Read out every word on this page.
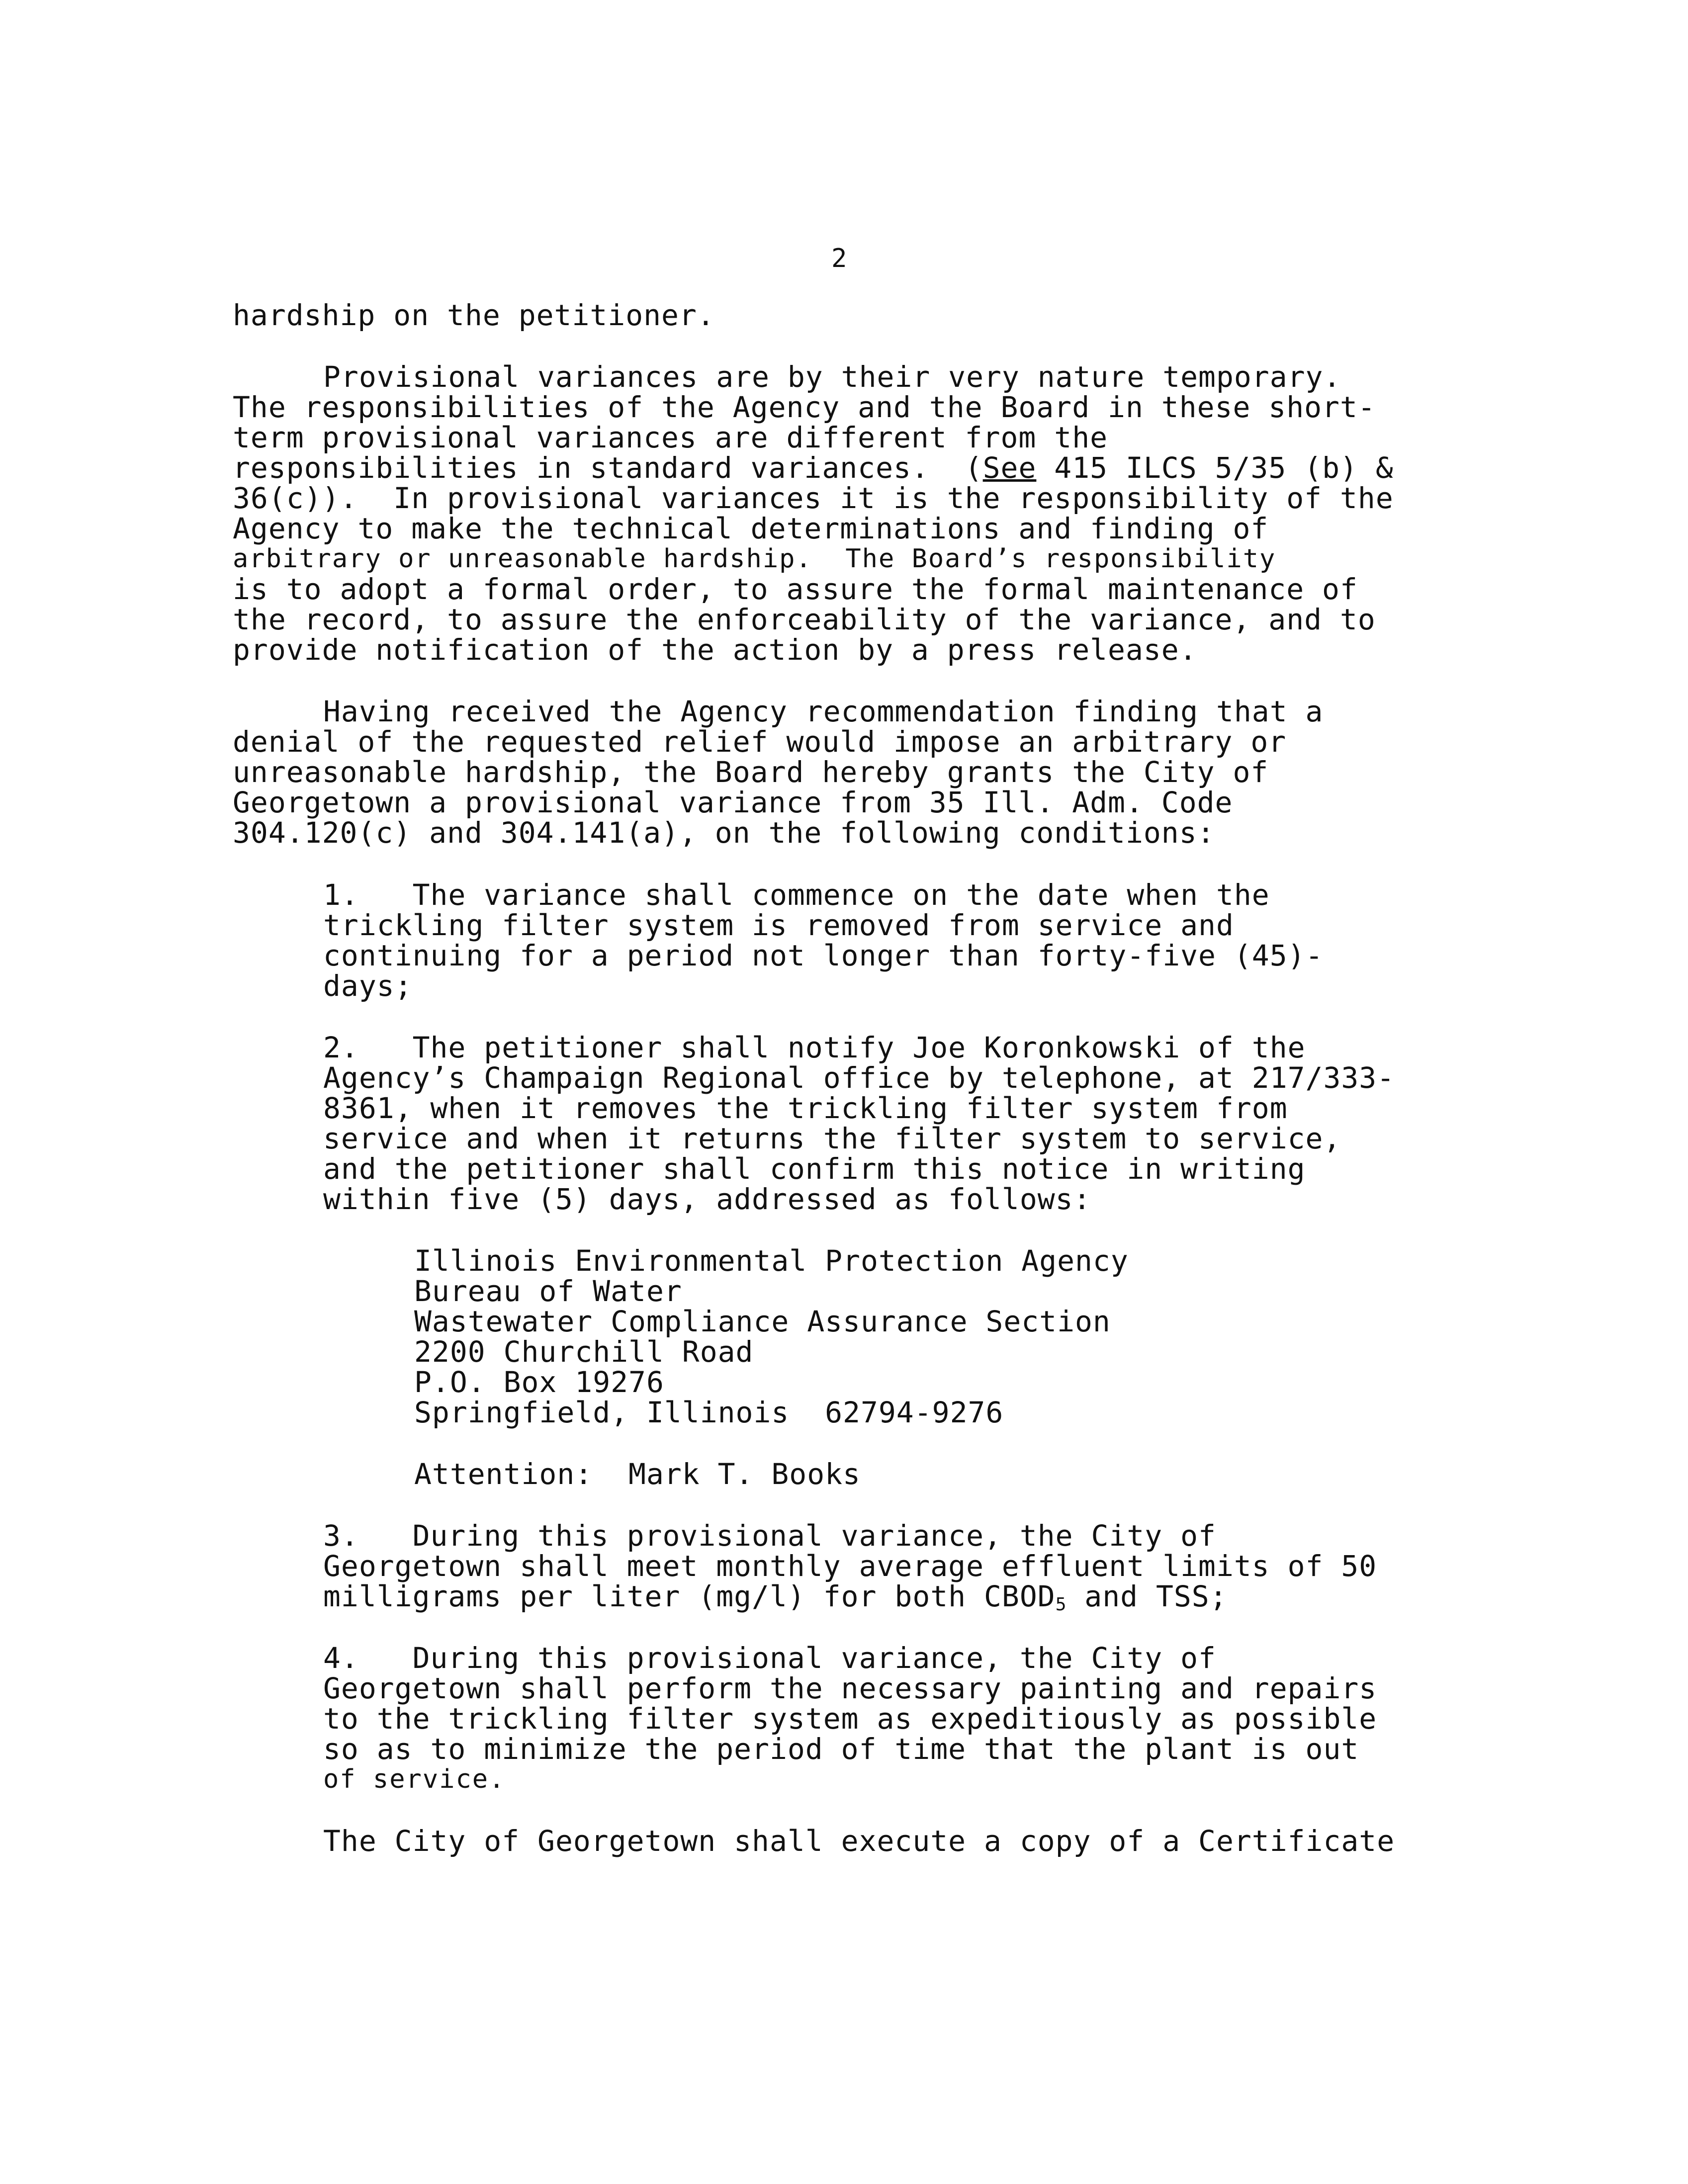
2
hardship on the petitioner.
Provisional variances are by their very nature temporary.
The responsibilities of the Agency and the Board in these short-
term provisional variances are different from the
responsibilities in standard variances.  (See 415 ILCS 5/35 (b) &
36(c)).  In provisional variances it is the responsibility of the
Agency to make the technical determinations and finding of
arbitrary or unreasonable hardship.  The Board’s responsibility
is to adopt a formal order, to assure the formal maintenance of
the record, to assure the enforceability of the variance, and to
provide notification of the action by a press release.
Having received the Agency recommendation finding that a
denial of the requested relief would impose an arbitrary or
unreasonable hardship, the Board hereby grants the City of
Georgetown a provisional variance from 35 Ill. Adm. Code
304.120(c) and 304.141(a), on the following conditions:
1.   The variance shall commence on the date when the
trickling filter system is removed from service and
continuing for a period not longer than forty-five (45)-
days;
2.   The petitioner shall notify Joe Koronkowski of the
Agency’s Champaign Regional office by telephone, at 217/333-
8361, when it removes the trickling filter system from
service and when it returns the filter system to service,
and the petitioner shall confirm this notice in writing
within five (5) days, addressed as follows:
Illinois Environmental Protection Agency
Bureau of Water
Wastewater Compliance Assurance Section
2200 Churchill Road
P.O. Box 19276
Springfield, Illinois  62794-9276
Attention:  Mark T. Books
3.   During this provisional variance, the City of
Georgetown shall meet monthly average effluent limits of 50
milligrams per liter (mg/l) for both $CBOD_5$ and TSS;
4.   During this provisional variance, the City of
Georgetown shall perform the necessary painting and repairs
to the trickling filter system as expeditiously as possible
so as to minimize the period of time that the plant is out
of service.
The City of Georgetown shall execute a copy of a Certificate
